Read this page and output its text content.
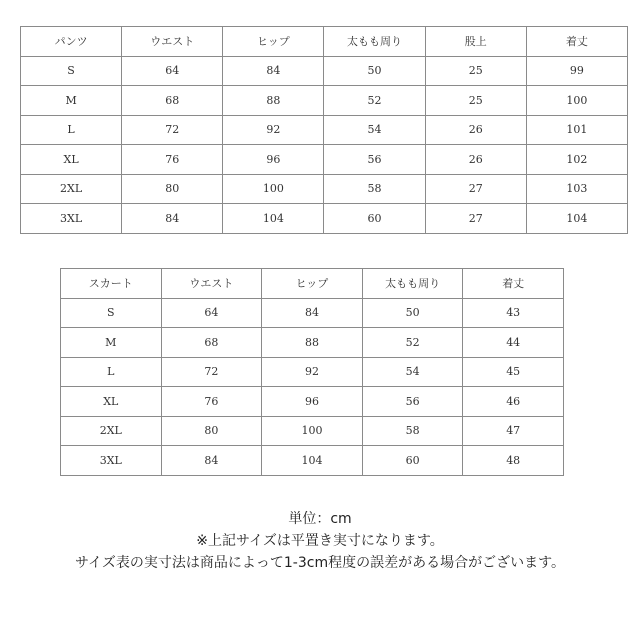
パンツ	ウエスト	ヒップ	太もも周り	股上	着丈
S	64	84	50	25	99
M	68	88	52	25	100
L	72	92	54	26	101
XL	76	96	56	26	102
2XL	80	100	58	27	103
3XL	84	104	60	27	104
スカート	ウエスト	ヒップ	太もも周り	着丈
S	64	84	50	43
M	68	88	52	44
L	72	92	54	45
XL	76	96	56	46
2XL	80	100	58	47
3XL	84	104	60	48
単位：cm
※上記サイズは平置き実寸になります。
サイズ表の実寸法は商品によって1-3cm程度の誤差がある場合がございます。
